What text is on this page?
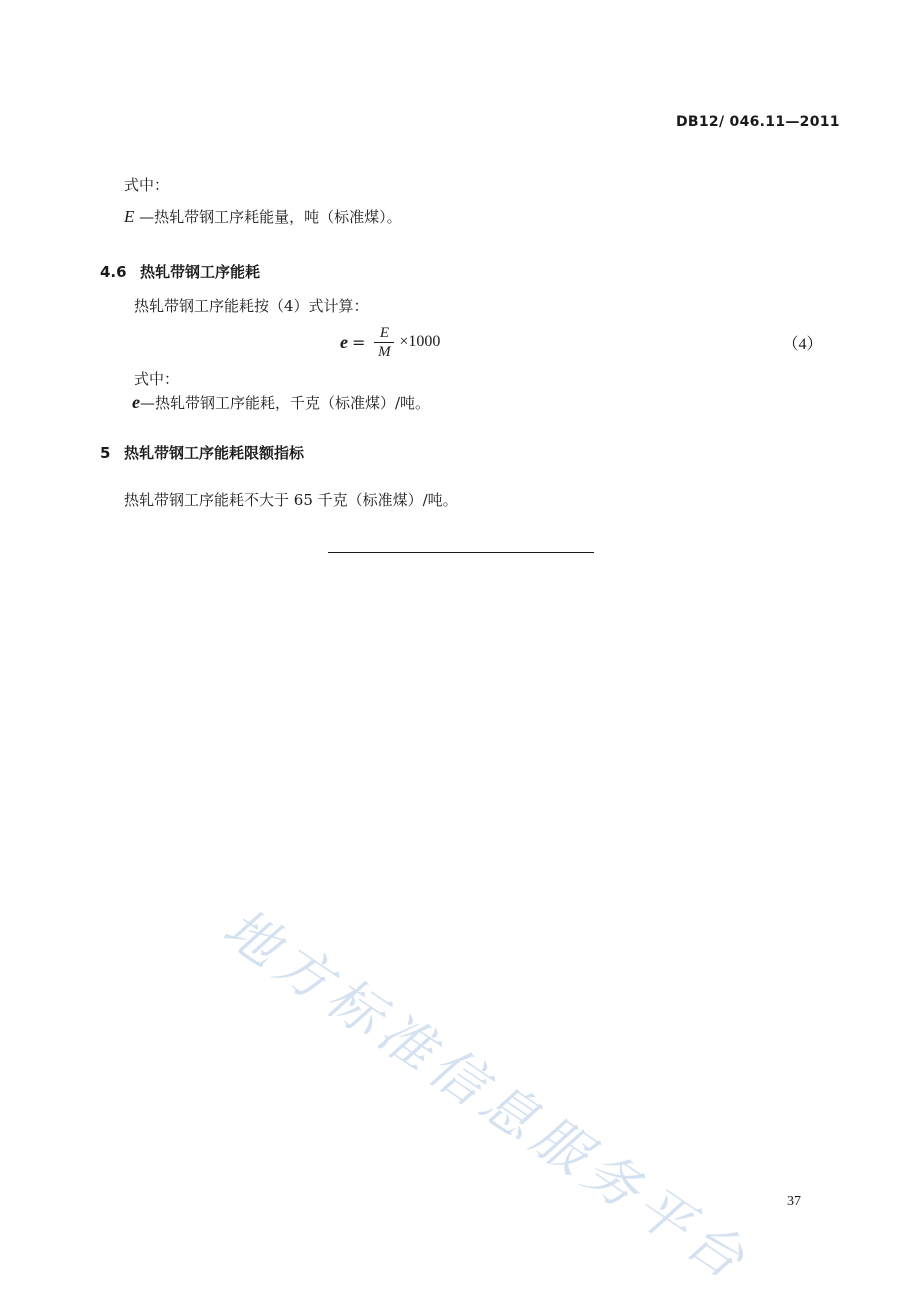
DB12/ 046.11—2011
式中：
E —热轧带钢工序耗能量，吨（标准煤）。
4.6 热轧带钢工序能耗
热轧带钢工序能耗按（4）式计算：
$e = \frac{E}{M} \times 1000$	（4）
式中：
e—热轧带钢工序能耗，千克（标准煤）/吨。
5 热轧带钢工序能耗限额指标
热轧带钢工序能耗不大于 65 千克（标准煤）/吨。
地方标准信息服务平台	37
